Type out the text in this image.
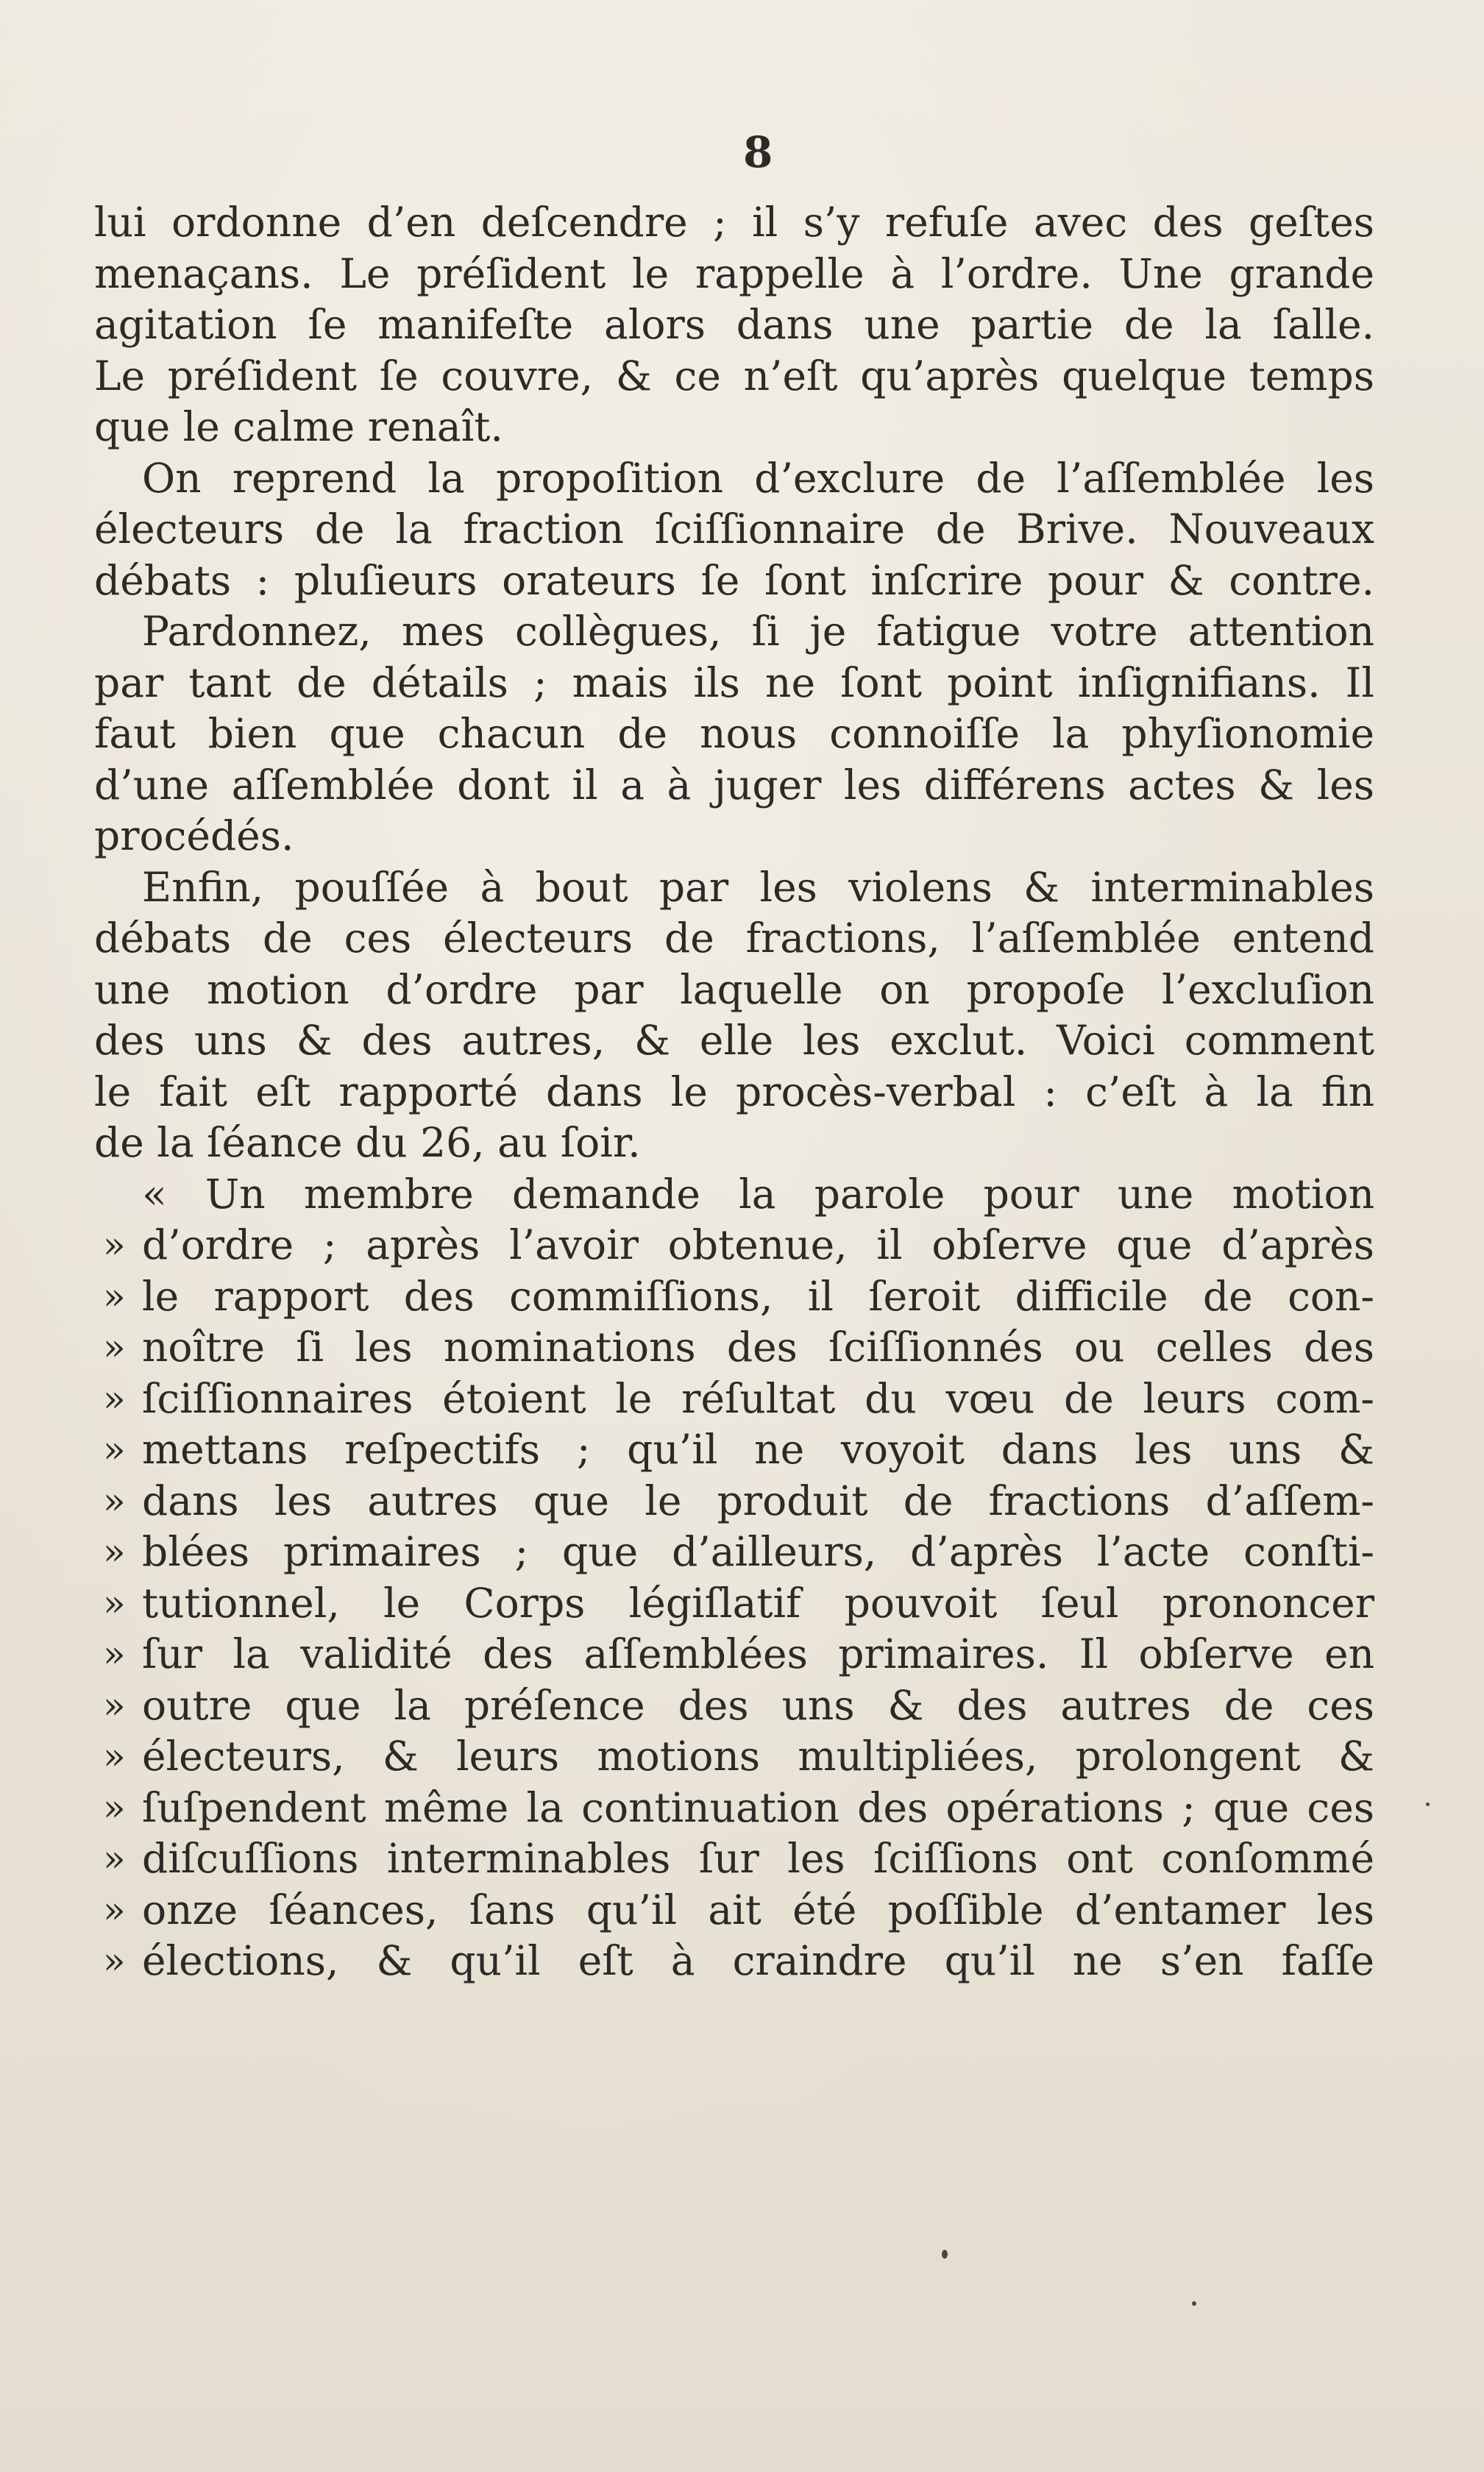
8
lui ordonne d’en deſcendre ; il s’y refuſe avec des geſtes
menaçans. Le préſident le rappelle à l’ordre. Une grande
agitation ſe manifeſte alors dans une partie de la ſalle.
Le préſident ſe couvre, & ce n’eſt qu’après quelque temps
que le calme renaît.
On reprend la propoſition d’exclure de l’aſſemblée les
électeurs de la fraction ſciſſionnaire de Brive. Nouveaux
débats : pluſieurs orateurs ſe ſont inſcrire pour & contre.
Pardonnez, mes collègues, ſi je fatigue votre attention
par tant de détails ; mais ils ne ſont point inſignifians. Il
faut bien que chacun de nous connoiſſe la phyſionomie
d’une aſſemblée dont il a à juger les différens actes & les
procédés.
Enfin, pouſſée à bout par les violens & interminables
débats de ces électeurs de fractions, l’aſſemblée entend
une motion d’ordre par laquelle on propoſe l’excluſion
des uns & des autres, & elle les exclut. Voici comment
le fait eſt rapporté dans le procès-verbal : c’eſt à la fin
de la ſéance du 26, au ſoir.
« Un membre demande la parole pour une motion
» d’ordre ; après l’avoir obtenue, il obſerve que d’après
» le rapport des commiſſions, il ſeroit difficile de con-
» noître ſi les nominations des ſciſſionnés ou celles des
» ſciſſionnaires étoient le réſultat du vœu de leurs com-
» mettans reſpectifs ; qu’il ne voyoit dans les uns &
» dans les autres que le produit de fractions d’aſſem-
» blées primaires ; que d’ailleurs, d’après l’acte conſti-
» tutionnel, le Corps légiſlatif pouvoit ſeul prononcer
» ſur la validité des aſſemblées primaires. Il obſerve en
» outre que la préſence des uns & des autres de ces
» électeurs, & leurs motions multipliées, prolongent &
» ſuſpendent même la continuation des opérations ; que ces
» diſcuſſions interminables ſur les ſciſſions ont conſommé
» onze ſéances, ſans qu’il ait été poſſible d’entamer les
» élections, & qu’il eſt à craindre qu’il ne s’en faſſe
